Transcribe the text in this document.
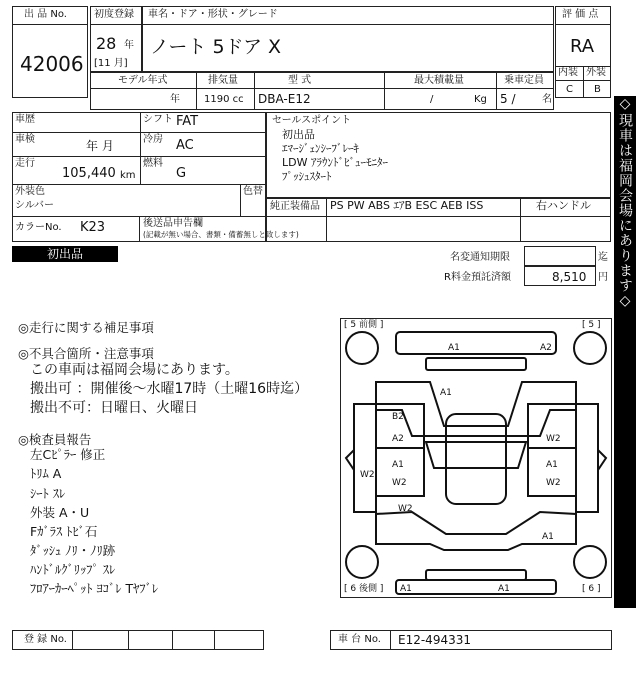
出 品 No.
42006
初度登録
28 年
[11 月]
車名・ドア・形状・グレード
ノート 5ドア X
評 価 点
RA
内装 外装
C B
モデル年式	排気量	型 式	最大積載量	乗車定員
年 1190 cc DBA-E12	/	Kg 5 /	名
車歴
車検	年 月
走行
105,440 km
シフト FAT
冷房 AC
燃料
G
外装色
シルバー
色替
カラーNo. K23	後送品申告欄
(記載が無い場合、書類・備蓄無しと致します)
セールスポイント
初出品
ｴﾏｰｼﾞｪﾝｼｰﾌﾞﾚｰｷ
LDW ｱﾗｳﾝﾄﾞﾋﾞｭｰﾓﾆﾀｰ
ﾌﾟｯｼｭｽﾀｰﾄ
純正装備品 PS PW ABS ｴｱB ESC AEB ISS	右ハンドル
初出品	名変通知期限	迄
R料金預託済額	8,510 円
◎走行に関する補足事項
◎不具合箇所・注意事項
この車両は福岡会場にあります。
搬出可 ：開催後～水曜17時（土曜16時迄）
搬出不可：日曜日、火曜日
◎検査員報告
左Cﾋﾟﾗｰ 修正
ﾄﾘﾑ A
ｼｰﾄ ｽﾚ
外装 A・U
Fｶﾞﾗｽ ﾄﾋﾞ石
ﾀﾞｯｼｭ ﾉﾘ・ﾉﾘ跡
ﾊﾝﾄﾞﾙｸﾞﾘｯﾌﾟ ｽﾚ
ﾌﾛｱｰｶｰﾍﾟｯﾄ ﾖｺﾞﾚ Tﾔﾌﾞﾚ
[ 5 前側 ]	[ 5 ]
[ 6 後側 ]	[ 6 ]
A1	A2
A1
B2
A2	W2
A1
W2
W2
A1
W2
W2
A1
A1	A1
◇現車は福岡会場にあります◇
登 録 No.	車 台 No. E12-494331
